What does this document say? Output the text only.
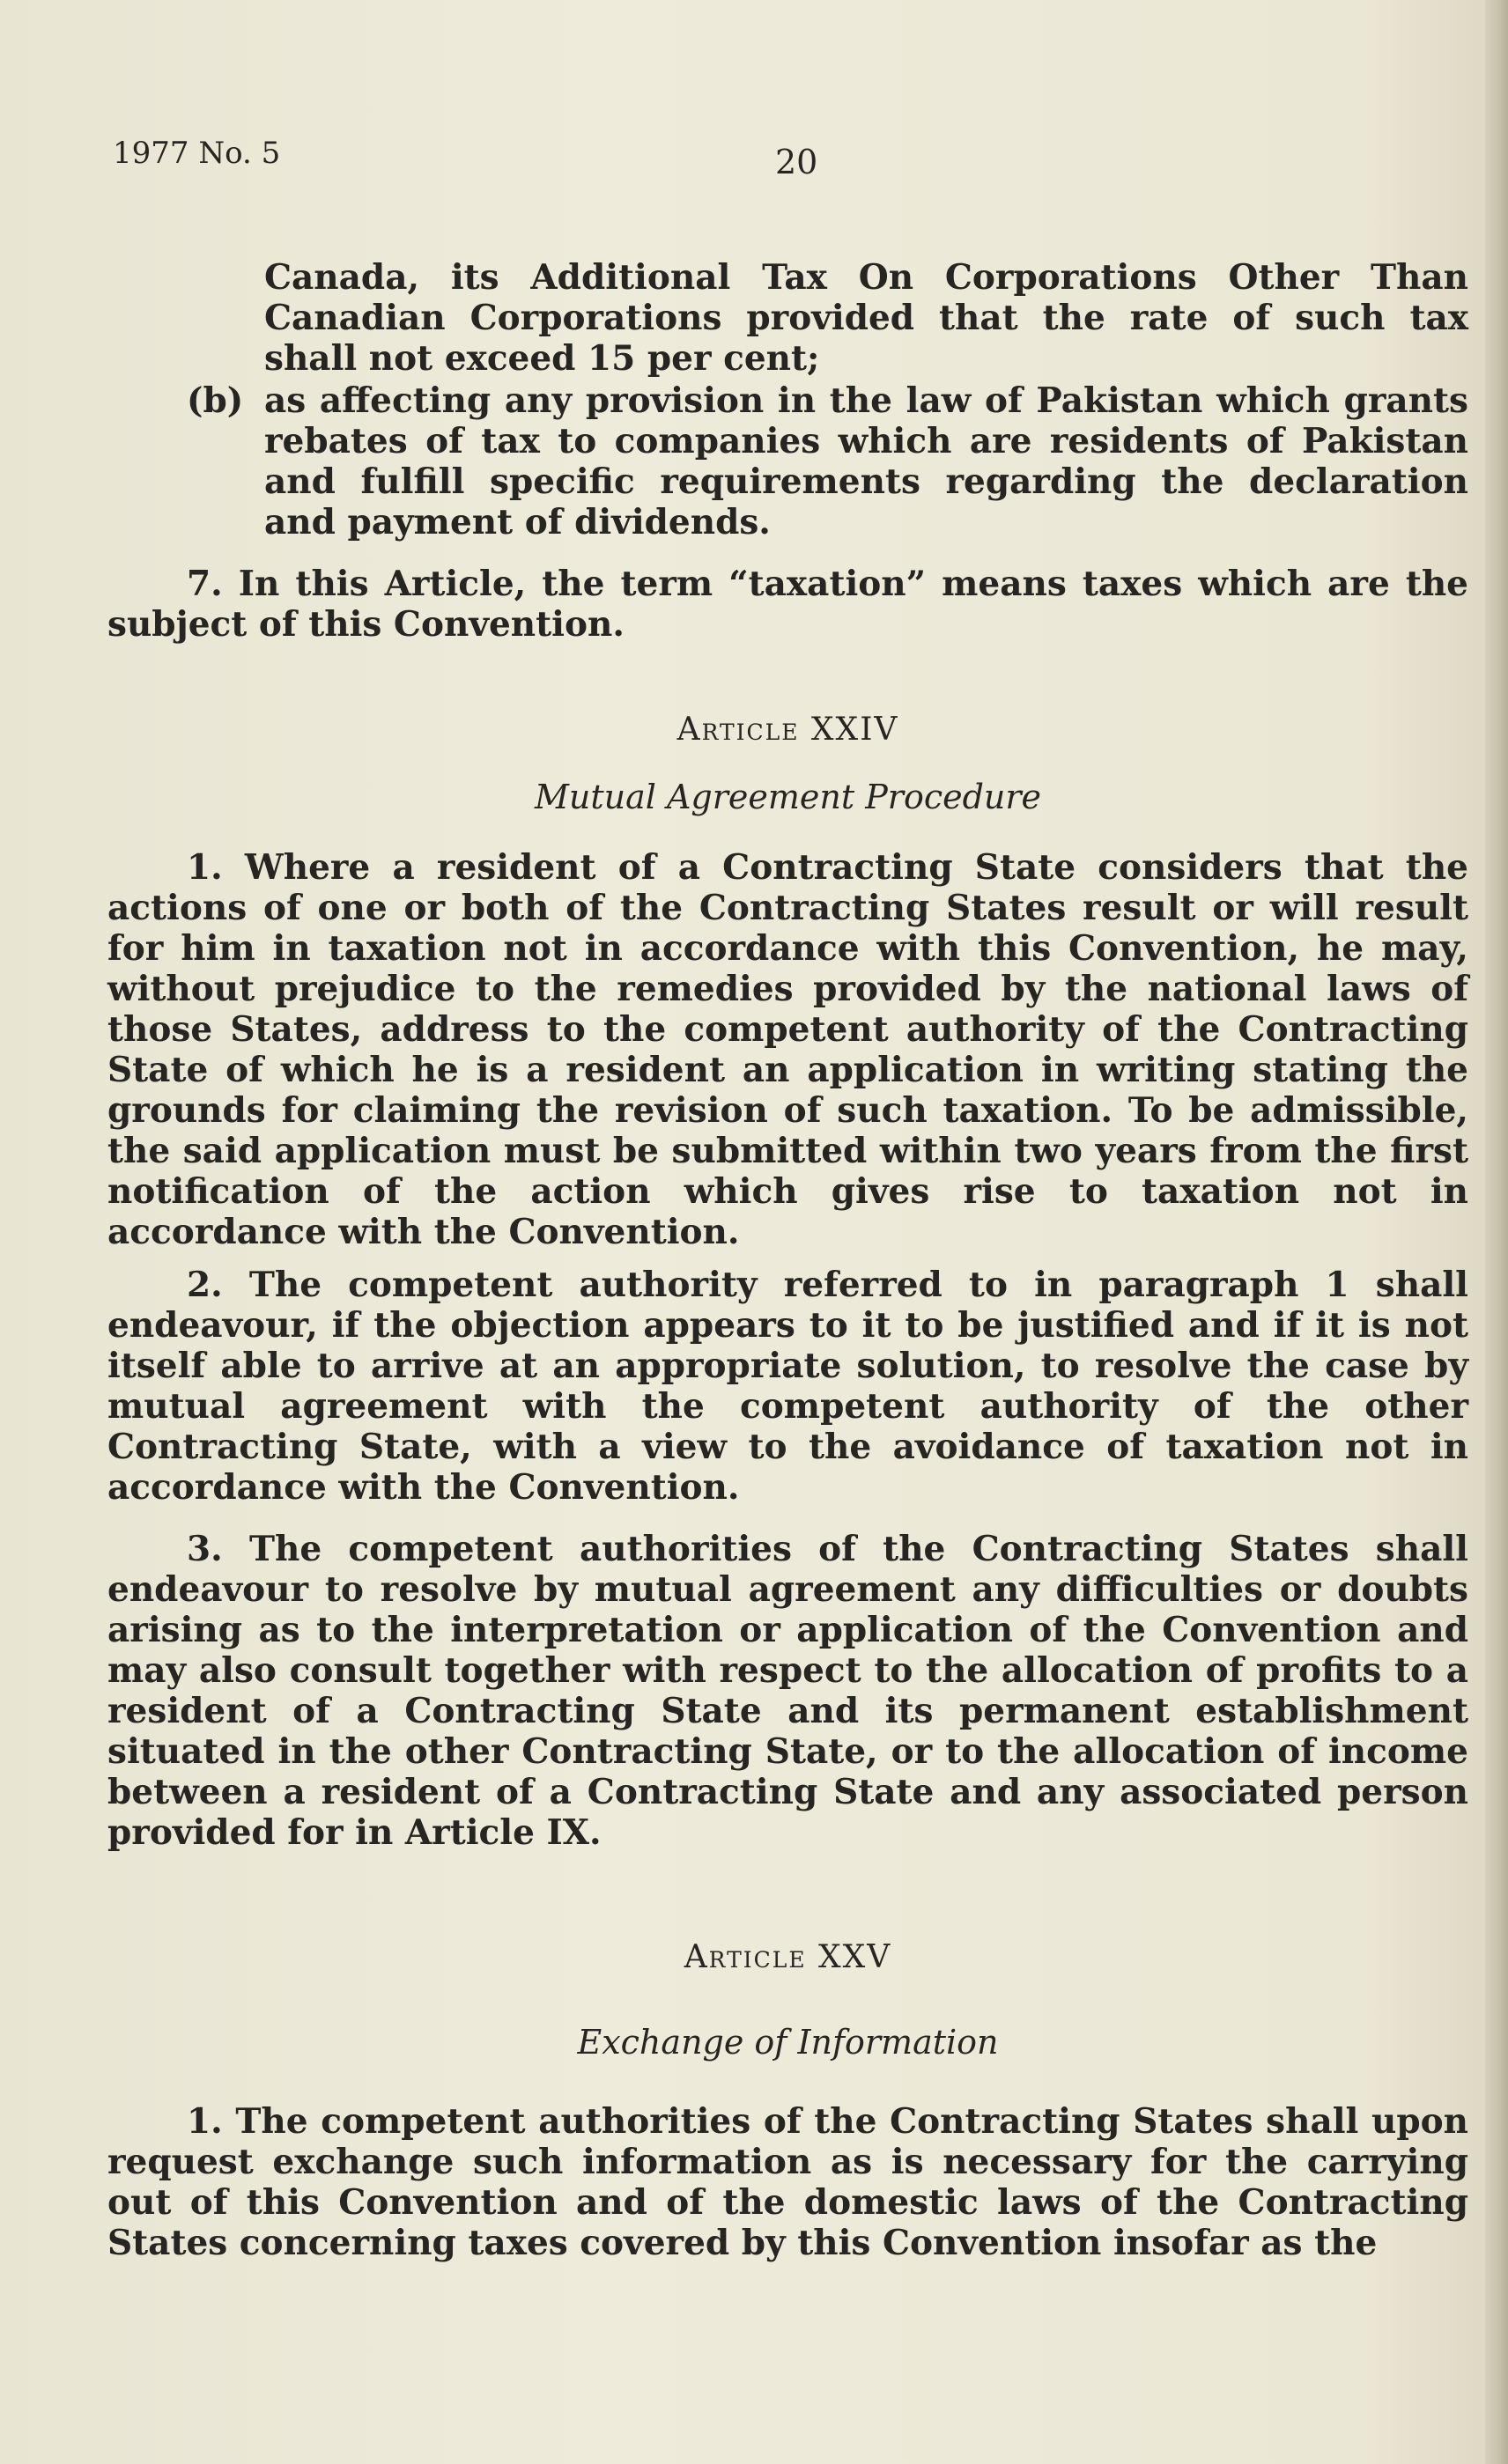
1977 No. 5	20

Canada, its Additional Tax On Corporations Other Than Canadian Corporations provided that the rate of such tax shall not exceed 15 per cent;

(b) as affecting any provision in the law of Pakistan which grants rebates of tax to companies which are residents of Pakistan and fulfill specific requirements regarding the declaration and payment of dividends.

7. In this Article, the term “taxation” means taxes which are the subject of this Convention.

Article XXIV
Mutual Agreement Procedure

1. Where a resident of a Contracting State considers that the actions of one or both of the Contracting States result or will result for him in taxation not in accordance with this Convention, he may, without prejudice to the remedies provided by the national laws of those States, address to the competent authority of the Contracting State of which he is a resident an application in writing stating the grounds for claiming the revision of such taxation. To be admissible, the said application must be submitted within two years from the first notification of the action which gives rise to taxation not in accordance with the Convention.

2. The competent authority referred to in paragraph 1 shall endeavour, if the objection appears to it to be justified and if it is not itself able to arrive at an appropriate solution, to resolve the case by mutual agreement with the competent authority of the other Contracting State, with a view to the avoidance of taxation not in accordance with the Convention.

3. The competent authorities of the Contracting States shall endeavour to resolve by mutual agreement any difficulties or doubts arising as to the interpretation or application of the Convention and may also consult together with respect to the allocation of profits to a resident of a Contracting State and its permanent establishment situated in the other Contracting State, or to the allocation of income between a resident of a Contracting State and any associated person provided for in Article IX.

Article XXV
Exchange of Information

1. The competent authorities of the Contracting States shall upon request exchange such information as is necessary for the carrying out of this Convention and of the domestic laws of the Contracting States concerning taxes covered by this Convention insofar as the
